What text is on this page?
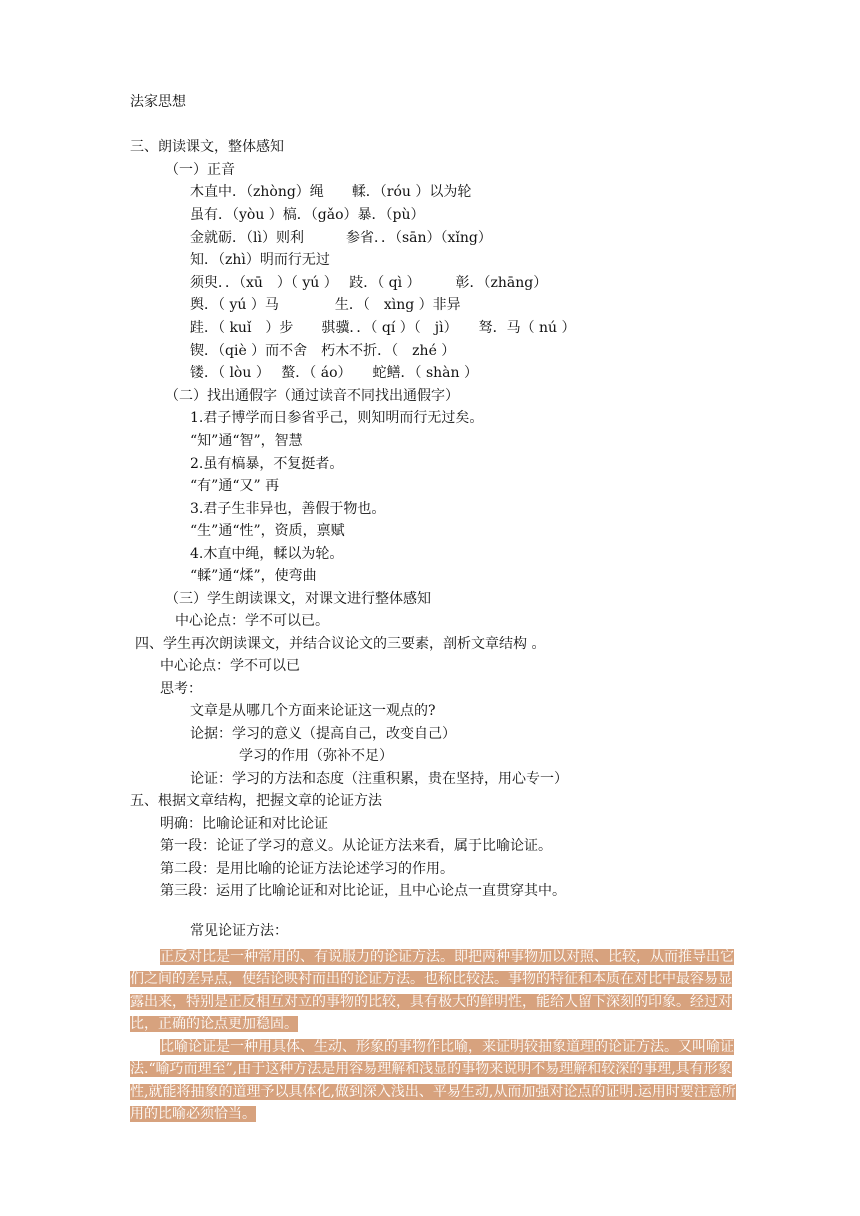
法家思想
三、朗读课文，整体感知
（一）正音
木直中．（zhòng）绳　　輮．（róu ）以为轮
虽有．（yòu ）槁．（gǎo）暴．（pù）
金就砺．（lì）则利　　　参省．．（sān）（xǐng）
知．（zhì）明而行无过
须臾．．（xū　）（ yú ）　 跂．（ qì ）　　　彰．（zhāng）
舆．（ yú ）马　　　　生．（　xìng ）非异
跬．（ kuǐ　）步　　骐骥．．（ qí ）（　jì）　　驽．马（ nú ）
锲．（qiè ）而不舍　朽木不折．（　zhé ）
镂．（ lòu ）　 螯．（ áo）　　蛇鳝．（ shàn ）
（二）找出通假字（通过读音不同找出通假字）
1.君子博学而日参省乎己，则知明而行无过矣。
“知”通“智”，智慧
2.虽有槁暴，不复挺者。
“有”通“又” 再
3.君子生非异也，善假于物也。
“生”通“性”，资质，禀赋
4.木直中绳，輮以为轮。
“輮”通“煣”，使弯曲
（三）学生朗读课文，对课文进行整体感知
中心论点：学不可以已。
四、学生再次朗读课文，并结合议论文的三要素，剖析文章结构 。
中心论点：学不可以已
思考：
文章是从哪几个方面来论证这一观点的?
论据：学习的意义（提高自己，改变自己）
学习的作用（弥补不足）
论证：学习的方法和态度（注重积累，贵在坚持，用心专一）
五、根据文章结构，把握文章的论证方法
明确：比喻论证和对比论证
第一段：论证了学习的意义。从论证方法来看，属于比喻论证。
第二段：是用比喻的论证方法论述学习的作用。
第三段：运用了比喻论证和对比论证，且中心论点一直贯穿其中。
常见论证方法：
正反对比是一种常用的、有说服力的论证方法。即把两种事物加以对照、比较，从而推导出它们之间的差异点，使结论映衬而出的论证方法。也称比较法。事物的特征和本质在对比中最容易显露出来，特别是正反相互对立的事物的比较，具有极大的鲜明性，能给人留下深刻的印象。经过对比，正确的论点更加稳固。
比喻论证是一种用具体、生动、形象的事物作比喻，来证明较抽象道理的论证方法。又叫喻证法.“喻巧而理至”,由于这种方法是用容易理解和浅显的事物来说明不易理解和较深的事理,具有形象性,就能将抽象的道理予以具体化,做到深入浅出、平易生动,从而加强对论点的证明.运用时要注意所用的比喻必须恰当。
